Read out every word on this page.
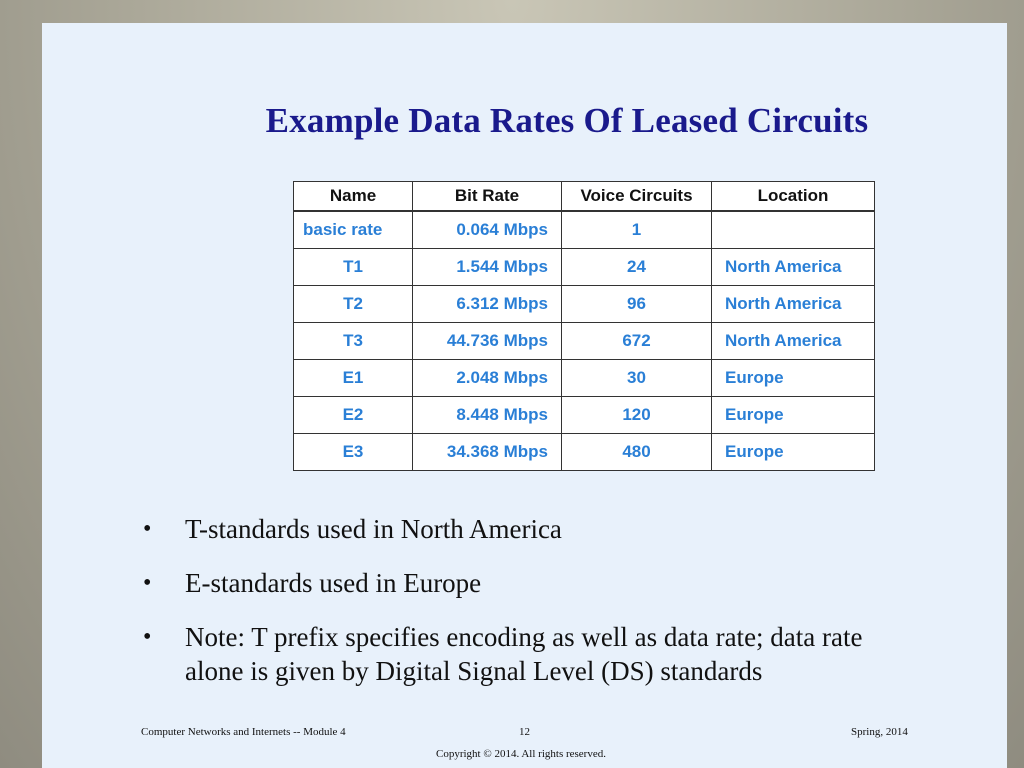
Example Data Rates Of Leased Circuits
Name	Bit Rate	Voice Circuits	Location
basic rate	0.064 Mbps	1	
T1	1.544 Mbps	24	North America
T2	6.312 Mbps	96	North America
T3	44.736 Mbps	672	North America
E1	2.048 Mbps	30	Europe
E2	8.448 Mbps	120	Europe
E3	34.368 Mbps	480	Europe
• T-standards used in North America
• E-standards used in Europe
• Note: T prefix specifies encoding as well as data rate; data rate alone is given by Digital Signal Level (DS) standards
Computer Networks and Internets -- Module 4	12	Spring, 2014
Copyright © 2014. All rights reserved.
